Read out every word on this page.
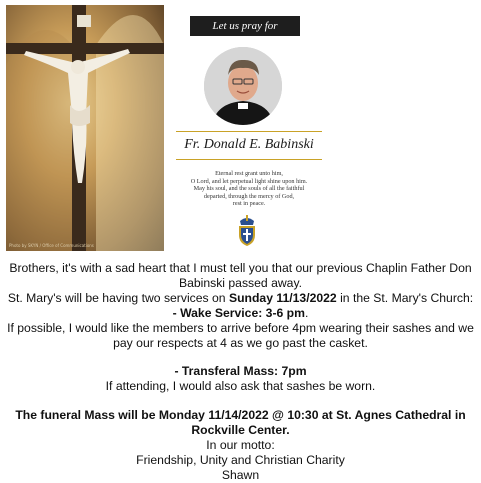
Photo by SKYN / Office of Communications
Let us pray for
Fr. Donald E. Babinski
Eternal rest grant unto him,
O Lord, and let perpetual light shine upon him.
May his soul, and the souls of all the faithful
departed, through the mercy of God,
rest in peace.

Brothers, it's with a sad heart that I must tell you that our previous Chaplin Father Don

Babinski passed away.

St. Mary's will be having two services on Sunday 11/13/2022 in the St. Mary's Church:

- Wake Service: 3-6 pm.

If possible, I would like the members to arrive before 4pm wearing their sashes and we

pay our respects at 4 as we go past the casket.

- Transferal Mass: 7pm

If attending, I would also ask that sashes be worn.

The funeral Mass will be Monday 11/14/2022 @ 10:30 at St. Agnes Cathedral in

Rockville Center.

In our motto:

Friendship, Unity and Christian Charity

Shawn
